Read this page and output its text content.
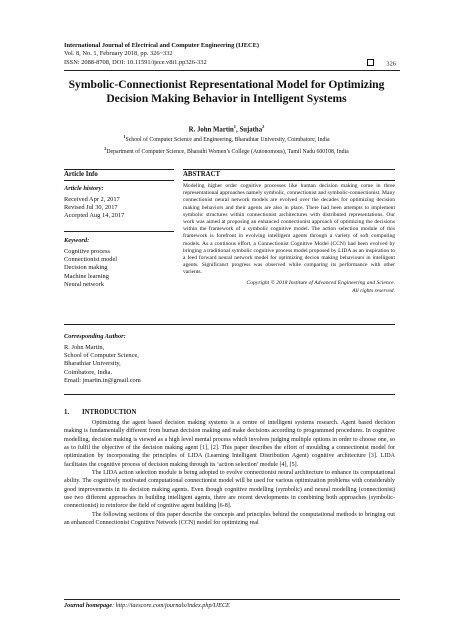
International Journal of Electrical and Computer Engineering (IJECE)
Vol. 8, No. 1, February 2018, pp. 326~332
ISSN: 2088-8708, DOI: 10.11591/ijece.v8i1.pp326-332	326
Symbolic-Connectionist Representational Model for Optimizing
Decision Making Behavior in Intelligent Systems
R. John Martin$^1$, Sujatha$^2$
$^1$School of Computer Science and Engineering, Bharathiar University, Coimbatore, India
$^2$Department of Computer Science, Bharathi Women’s College (Autonomous), Tamil Nadu 600108, India
Article Info	ABSTRACT
Article history:
Received Apr 2, 2017
Revised Jul 30, 2017
Accepted Aug 14, 2017
Keyword:
Cognitive process
Connectionist model
Decision making
Machine learning
Neural network
Modeling higher order cognitive processes like human decision making come in three representational approaches namely symbolic, connectionist and symbolic-connectionist. Many connectionist neural network models are evolved over the decades for optimizing decision making behaviors and their agents are also in place. There had been attempts to implement symbolic structures within connectionist architectures with distributed representations. Our work was aimed at proposing an enhanced connectionist approach of optimizing the decisions within the framework of a symbolic cognitive model. The action selection module of this framework is forefront in evolving intelligent agents through a variety of soft computing models. As a continous effort, a Connectionist Cognitive Model (CCN) had been evolved by bringing a traditional symbolic cognitive process model proposed by LIDA as an inspiration to a feed forward neural network model for optimizing decion making behaviours in intelligent agents. Significanct progress was observed while comparing its performance with other varients.
Copyright © 2018 Institute of Advanced Engineering and Science.
All rights reserved.
Corresponding Author:
R. John Martin,
School of Computer Science,
Bharathiar University,
Coimbatore, India.
Email: jmartin.in@gmail.com
1. INTRODUCTION

Optimizing the agent based decision making systems is a centre of intelligent systems research. Agent based decision making is fundamentally different from human decision making and make decisions according to programmed procedures. In cognitive modelling, decision making is viewed as a high level mental process which involves judging multiple options in order to choose one, so as to fulfil the objective of the decision making agent [1], [2]. This paper describes the effort of moulding a connectionist model for optimization by incorporating the principles of LIDA (Learning Intelligent Distribution Agent) cognitive architecture [3]. LIDA facilitates the cognitive process of decision making through its ‘action selection’ module [4], [5].

The LIDA action selection module is being adopted to evolve connectionist neural architecture to enhance its computational ability. The cognitively motivated computational connectionist model will be used for various optimization problems with considerably good improvements in its decision making agents. Even though cognitive modelling (symbolic) and neural modelling (connectionist) use two different approaches in building intelligent agents, there are recent developments in combining both approaches (symbolic-connectionist) to reinforce the field of cognitive agent building [6-8].

The following sections of this paper describe the concepts and principles behind the computational methods to bringing out an enhanced Connectionist Cognitive Network (CCN) model for optimizing real

Journal homepage: http://iaescore.com/journals/index.php/IJECE
